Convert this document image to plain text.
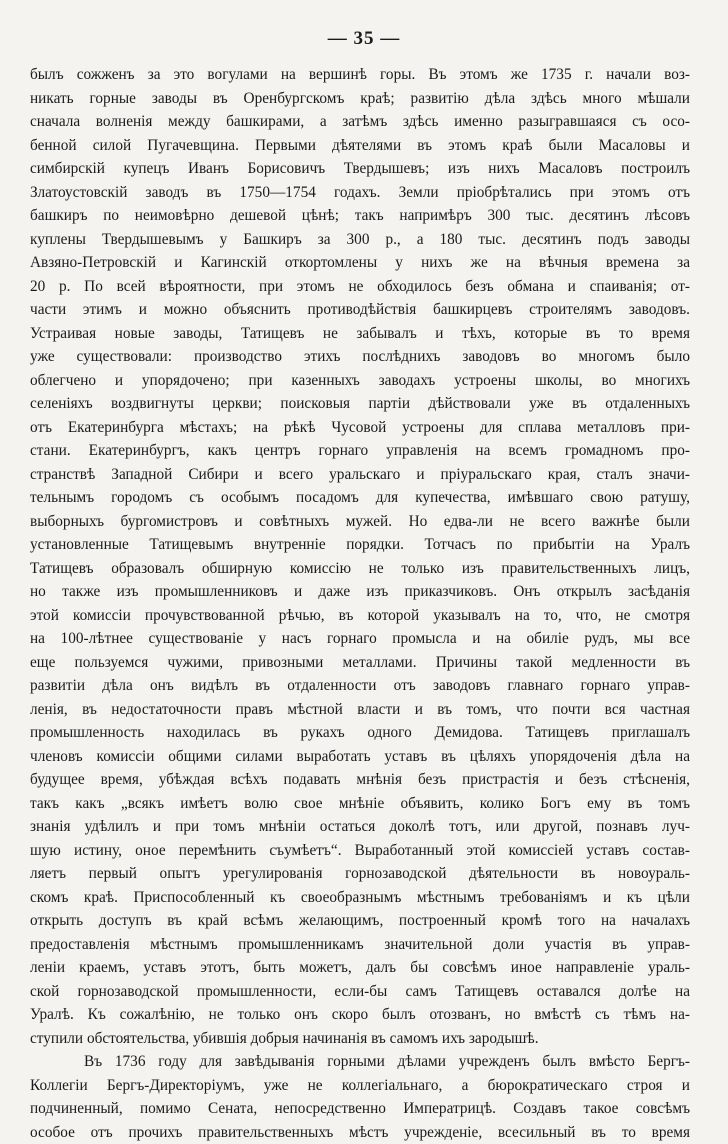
— 35 —
былъ сожженъ за это вогулами на вершинѣ горы. Въ этомъ же 1735 г. начали воз-
никать горные заводы въ Оренбургскомъ краѣ; развитію дѣла здѣсь много мѣшали
сначала волненія между башкирами, а затѣмъ здѣсь именно разыгравшаяся съ осо-
бенной силой Пугачевщина. Первыми дѣятелями въ этомъ краѣ были Масаловы и
симбирскій купецъ Иванъ Борисовичъ Твердышевъ; изъ нихъ Масаловъ построилъ
Златоустовскій заводъ въ 1750—1754 годахъ. Земли пріобрѣтались при этомъ отъ
башкиръ по неимовѣрно дешевой цѣнѣ; такъ напримѣръ 300 тыс. десятинъ лѣсовъ
куплены Твердышевымъ у Башкиръ за 300 р., а 180 тыс. десятинъ подъ заводы
Авзяно-Петровскій и Кагинскій откортомлены у нихъ же на вѣчныя времена за
20 р. По всей вѣроятности, при этомъ не обходилось безъ обмана и спаиванія; от-
части этимъ и можно объяснить противодѣйствія башкирцевъ строителямъ заводовъ.
Устраивая новые заводы, Татищевъ не забывалъ и тѣхъ, которые въ то время
уже существовали: производство этихъ послѣднихъ заводовъ во многомъ было
облегчено и упорядочено; при казенныхъ заводахъ устроены школы, во многихъ
селеніяхъ воздвигнуты церкви; поисковыя партіи дѣйствовали уже въ отдаленныхъ
отъ Екатеринбурга мѣстахъ; на рѣкѣ Чусовой устроены для сплава металловъ при-
стани. Екатеринбургъ, какъ центръ горнаго управленія на всемъ громадномъ про-
странствѣ Западной Сибири и всего уральскаго и пріуральскаго края, сталъ значи-
тельнымъ городомъ съ особымъ посадомъ для купечества, имѣвшаго свою ратушу,
выборныхъ бургомистровъ и совѣтныхъ мужей. Но едва-ли не всего важнѣе были
установленные Татищевымъ внутренніе порядки. Тотчасъ по прибытіи на Уралъ
Татищевъ образовалъ обширную комиссію не только изъ правительственныхъ лицъ,
но также изъ промышленниковъ и даже изъ приказчиковъ. Онъ открылъ засѣданія
этой комиссіи прочувствованной рѣчью, въ которой указывалъ на то, что, не смотря
на 100-лѣтнее существованіе у насъ горнаго промысла и на обиліе рудъ, мы все
еще пользуемся чужими, привозными металлами. Причины такой медленности въ
развитіи дѣла онъ видѣлъ въ отдаленности отъ заводовъ главнаго горнаго управ-
ленія, въ недостаточности правъ мѣстной власти и въ томъ, что почти вся частная
промышленность находилась въ рукахъ одного Демидова. Татищевъ приглашалъ
членовъ комиссіи общими силами выработать уставъ въ цѣляхъ упорядоченія дѣла на
будущее время, убѣждая всѣхъ подавать мнѣнія безъ пристрастія и безъ стѣсненія,
такъ какъ „всякъ имѣетъ волю свое мнѣніе объявить, колико Богъ ему въ томъ
знанія удѣлилъ и при томъ мнѣніи остаться доколѣ тотъ, или другой, познавъ луч-
шую истину, оное перемѣнить съумѣетъ“. Выработанный этой комиссіей уставъ состав-
ляетъ первый опытъ урегулированія горнозаводской дѣятельности въ новоураль-
скомъ краѣ. Приспособленный къ своеобразнымъ мѣстнымъ требованіямъ и къ цѣли
открыть доступъ въ край всѣмъ желающимъ, построенный кромѣ того на началахъ
предоставленія мѣстнымъ промышленникамъ значительной доли участія въ управ-
леніи краемъ, уставъ этотъ, быть можетъ, далъ бы совсѣмъ иное направленіе ураль-
ской горнозаводской промышленности, если-бы самъ Татищевъ оставался долѣе на
Уралѣ. Къ сожалѣнію, не только онъ скоро былъ отозванъ, но вмѣстѣ съ тѣмъ на-
ступили обстоятельства, убившія добрыя начинанія въ самомъ ихъ зародышѣ.
Въ 1736 году для завѣдыванія горными дѣлами учрежденъ былъ вмѣсто Бергъ-
Коллегіи Бергъ-Директоріумъ, уже не коллегіальнаго, а бюрократическаго строя и
подчиненный, помимо Сената, непосредственно Императрицѣ. Создавъ такое совсѣмъ
особое отъ прочихъ правительственныхъ мѣстъ учрежденіе, всесильный въ то время
